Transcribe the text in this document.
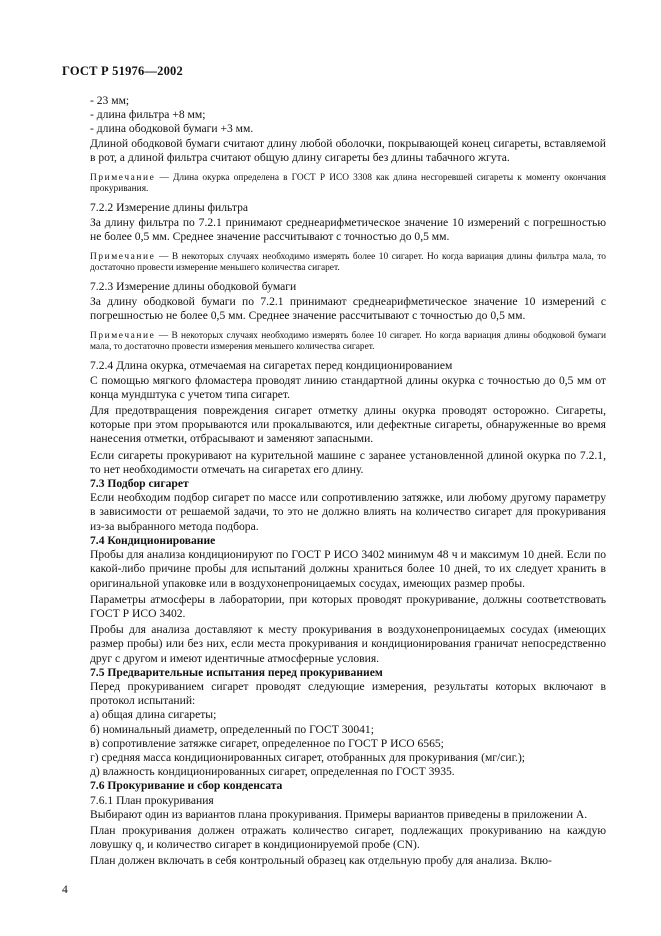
ГОСТ Р 51976—2002

- 23 мм;

- длина фильтра +8 мм;

- длина ободковой бумаги +3 мм.

Длиной ободковой бумаги считают длину любой оболочки, покрывающей конец сигареты, вставляемой в рот, а длиной фильтра считают общую длину сигареты без длины табачного жгута.

Примечание — Длина окурка определена в ГОСТ Р ИСО 3308 как длина несгоревшей сигареты к моменту окончания прокуривания.

7.2.2 Измерение длины фильтра

За длину фильтра по 7.2.1 принимают среднеарифметическое значение 10 измерений с погрешностью не более 0,5 мм. Среднее значение рассчитывают с точностью до 0,5 мм.

Примечание — В некоторых случаях необходимо измерять более 10 сигарет. Но когда вариация длины фильтра мала, то достаточно провести измерение меньшего количества сигарет.

7.2.3 Измерение длины ободковой бумаги

За длину ободковой бумаги по 7.2.1 принимают среднеарифметическое значение 10 измерений с погрешностью не более 0,5 мм. Среднее значение рассчитывают с точностью до 0,5 мм.

Примечание — В некоторых случаях необходимо измерять более 10 сигарет. Но когда вариация длины ободковой бумаги мала, то достаточно провести измерения меньшего количества сигарет.

7.2.4 Длина окурка, отмечаемая на сигаретах перед кондиционированием

С помощью мягкого фломастера проводят линию стандартной длины окурка с точностью до 0,5 мм от конца мундштука с учетом типа сигарет.

Для предотвращения повреждения сигарет отметку длины окурка проводят осторожно. Сигареты, которые при этом прорываются или прокалываются, или дефектные сигареты, обнаруженные во время нанесения отметки, отбрасывают и заменяют запасными.

Если сигареты прокуривают на курительной машине с заранее установленной длиной окурка по 7.2.1, то нет необходимости отмечать на сигаретах его длину.

7.3 Подбор сигарет

Если необходим подбор сигарет по массе или сопротивлению затяжке, или любому другому параметру в зависимости от решаемой задачи, то это не должно влиять на количество сигарет для прокуривания из-за выбранного метода подбора.

7.4 Кондиционирование

Пробы для анализа кондиционируют по ГОСТ Р ИСО 3402 минимум 48 ч и максимум 10 дней. Если по какой-либо причине пробы для испытаний должны храниться более 10 дней, то их следует хранить в оригинальной упаковке или в воздухонепроницаемых сосудах, имеющих размер пробы.

Параметры атмосферы в лаборатории, при которых проводят прокуривание, должны соответствовать ГОСТ Р ИСО 3402.

Пробы для анализа доставляют к месту прокуривания в воздухонепроницаемых сосудах (имеющих размер пробы) или без них, если места прокуривания и кондиционирования граничат непосредственно друг с другом и имеют идентичные атмосферные условия.

7.5 Предварительные испытания перед прокуриванием

Перед прокуриванием сигарет проводят следующие измерения, результаты которых включают в протокол испытаний:

а) общая длина сигареты;

б) номинальный диаметр, определенный по ГОСТ 30041;

в) сопротивление затяжке сигарет, определенное по ГОСТ Р ИСО 6565;

г) средняя масса кондиционированных сигарет, отобранных для прокуривания (мг/сиг.);

д) влажность кондиционированных сигарет, определенная по ГОСТ 3935.

7.6 Прокуривание и сбор конденсата

7.6.1 План прокуривания

Выбирают один из вариантов плана прокуривания. Примеры вариантов приведены в приложении А.

План прокуривания должен отражать количество сигарет, подлежащих прокуриванию на каждую ловушку q, и количество сигарет в кондиционируемой пробе (CN).

План должен включать в себя контрольный образец как отдельную пробу для анализа. Вклю-

4
